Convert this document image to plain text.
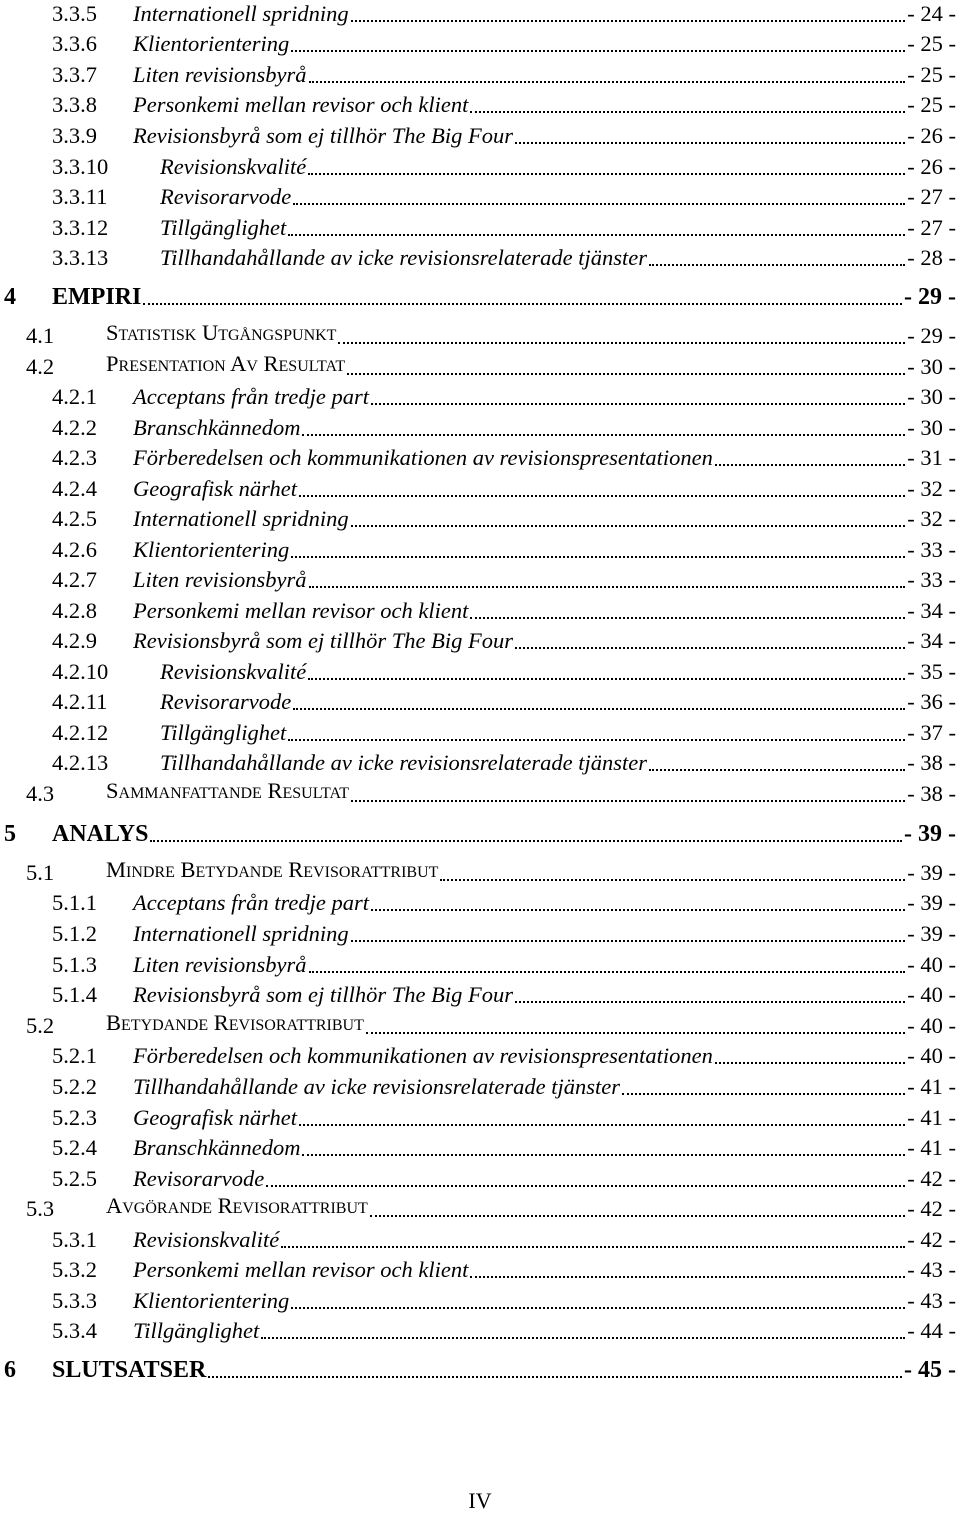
3.3.5 Internationell spridning	- 24 -
3.3.6 Klientorientering	- 25 -
3.3.7 Liten revisionsbyrå	- 25 -
3.3.8 Personkemi mellan revisor och klient	- 25 -
3.3.9 Revisionsbyrå som ej tillhör The Big Four	- 26 -
3.3.10 Revisionskvalité	- 26 -
3.3.11 Revisorarvode	- 27 -
3.3.12 Tillgänglighet	- 27 -
3.3.13 Tillhandahållande av icke revisionsrelaterade tjänster	- 28 -
4 EMPIRI	- 29 -
4.1 STATISTISK UTGÅNGSPUNKT	- 29 -
4.2 PRESENTATION AV RESULTAT	- 30 -
4.2.1 Acceptans från tredje part	- 30 -
4.2.2 Branschkännedom	- 30 -
4.2.3 Förberedelsen och kommunikationen av revisionspresentationen	- 31 -
4.2.4 Geografisk närhet	- 32 -
4.2.5 Internationell spridning	- 32 -
4.2.6 Klientorientering	- 33 -
4.2.7 Liten revisionsbyrå	- 33 -
4.2.8 Personkemi mellan revisor och klient	- 34 -
4.2.9 Revisionsbyrå som ej tillhör The Big Four	- 34 -
4.2.10 Revisionskvalité	- 35 -
4.2.11 Revisorarvode	- 36 -
4.2.12 Tillgänglighet	- 37 -
4.2.13 Tillhandahållande av icke revisionsrelaterade tjänster	- 38 -
4.3 SAMMANFATTANDE RESULTAT	- 38 -
5 ANALYS	- 39 -
5.1 MINDRE BETYDANDE REVISORATTRIBUT	- 39 -
5.1.1 Acceptans från tredje part	- 39 -
5.1.2 Internationell spridning	- 39 -
5.1.3 Liten revisionsbyrå	- 40 -
5.1.4 Revisionsbyrå som ej tillhör The Big Four	- 40 -
5.2 BETYDANDE REVISORATTRIBUT	- 40 -
5.2.1 Förberedelsen och kommunikationen av revisionspresentationen	- 40 -
5.2.2 Tillhandahållande av icke revisionsrelaterade tjänster	- 41 -
5.2.3 Geografisk närhet	- 41 -
5.2.4 Branschkännedom	- 41 -
5.2.5 Revisorarvode	- 42 -
5.3 AVGÖRANDE REVISORATTRIBUT	- 42 -
5.3.1 Revisionskvalité	- 42 -
5.3.2 Personkemi mellan revisor och klient	- 43 -
5.3.3 Klientorientering	- 43 -
5.3.4 Tillgänglighet	- 44 -
6 SLUTSATSER	- 45 -
IV
